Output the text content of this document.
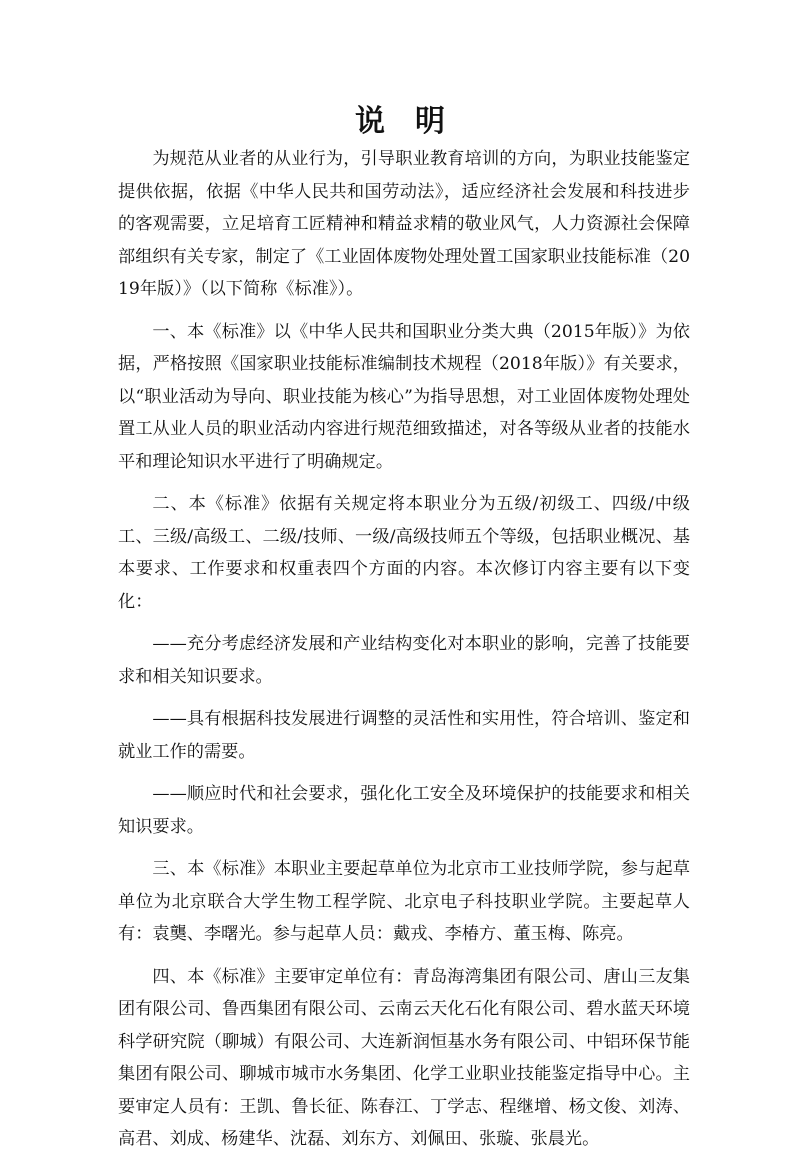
说 明

为规范从业者的从业行为，引导职业教育培训的方向，为职业技能鉴定提供依据，依据《中华人民共和国劳动法》，适应经济社会发展和科技进步的客观需要，立足培育工匠精神和精益求精的敬业风气，人力资源社会保障部组织有关专家，制定了《工业固体废物处理处置工国家职业技能标准（2019年版）》（以下简称《标准》）。

一、本《标准》以《中华人民共和国职业分类大典（2015年版）》为依据，严格按照《国家职业技能标准编制技术规程（2018年版）》有关要求，以“职业活动为导向、职业技能为核心”为指导思想，对工业固体废物处理处置工从业人员的职业活动内容进行规范细致描述，对各等级从业者的技能水平和理论知识水平进行了明确规定。

二、本《标准》依据有关规定将本职业分为五级/初级工、四级/中级工、三级/高级工、二级/技师、一级/高级技师五个等级，包括职业概况、基本要求、工作要求和权重表四个方面的内容。本次修订内容主要有以下变化：

——充分考虑经济发展和产业结构变化对本职业的影响，完善了技能要求和相关知识要求。

——具有根据科技发展进行调整的灵活性和实用性，符合培训、鉴定和就业工作的需要。

——顺应时代和社会要求，强化化工安全及环境保护的技能要求和相关知识要求。

三、本《标准》本职业主要起草单位为北京市工业技师学院，参与起草单位为北京联合大学生物工程学院、北京电子科技职业学院。主要起草人有：袁龑、李曙光。参与起草人员：戴戎、李椿方、董玉梅、陈亮。

四、本《标准》主要审定单位有：青岛海湾集团有限公司、唐山三友集团有限公司、鲁西集团有限公司、云南云天化石化有限公司、碧水蓝天环境科学研究院（聊城）有限公司、大连新润恒基水务有限公司、中铝环保节能集团有限公司、聊城市城市水务集团、化学工业职业技能鉴定指导中心。主要审定人员有：王凯、鲁长征、陈春江、丁学志、程继增、杨文俊、刘涛、高君、刘成、杨建华、沈磊、刘东方、刘佩田、张璇、张晨光。
